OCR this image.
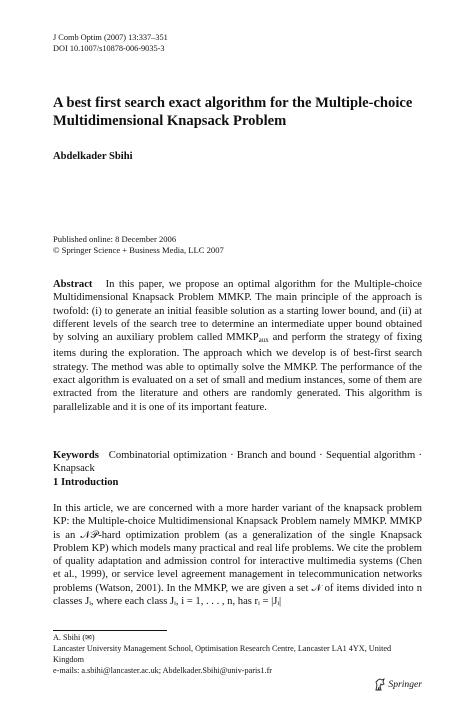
J Comb Optim (2007) 13:337–351
DOI 10.1007/s10878-006-9035-3
A best first search exact algorithm for the Multiple-choice Multidimensional Knapsack Problem
Abdelkader Sbihi
Published online: 8 December 2006
© Springer Science + Business Media, LLC 2007
Abstract In this paper, we propose an optimal algorithm for the Multiple-choice Multidimensional Knapsack Problem MMKP. The main principle of the approach is twofold: (i) to generate an initial feasible solution as a starting lower bound, and (ii) at different levels of the search tree to determine an intermediate upper bound obtained by solving an auxiliary problem called $MMKP_{aux}$ and perform the strategy of fixing items during the exploration. The approach which we develop is of best-first search strategy. The method was able to optimally solve the MMKP. The performance of the exact algorithm is evaluated on a set of small and medium instances, some of them are extracted from the literature and others are randomly generated. This algorithm is parallelizable and it is one of its important feature.
Keywords Combinatorial optimization · Branch and bound · Sequential algorithm · Knapsack
1 Introduction
In this article, we are concerned with a more harder variant of the knapsack problem KP: the Multiple-choice Multidimensional Knapsack Problem namely MMKP. MMKP is an 𝒩𝒫-hard optimization problem (as a generalization of the single Knapsack Problem KP) which models many practical and real life problems. We cite the problem of quality adaptation and admission control for interactive multimedia systems (Chen et al., 1999), or service level agreement management in telecommunication networks problems (Watson, 2001). In the MMKP, we are given a set 𝒩 of items divided into n classes Jᵢ, where each class Jᵢ, i = 1, . . . , n, has rᵢ = |Jᵢ|
A. Sbihi (✉)
Lancaster University Management School, Optimisation Research Centre, Lancaster LA1 4YX, United Kingdom
e-mails: a.sbihi@lancaster.ac.uk; Abdelkader.Sbihi@univ-paris1.fr
Springer
